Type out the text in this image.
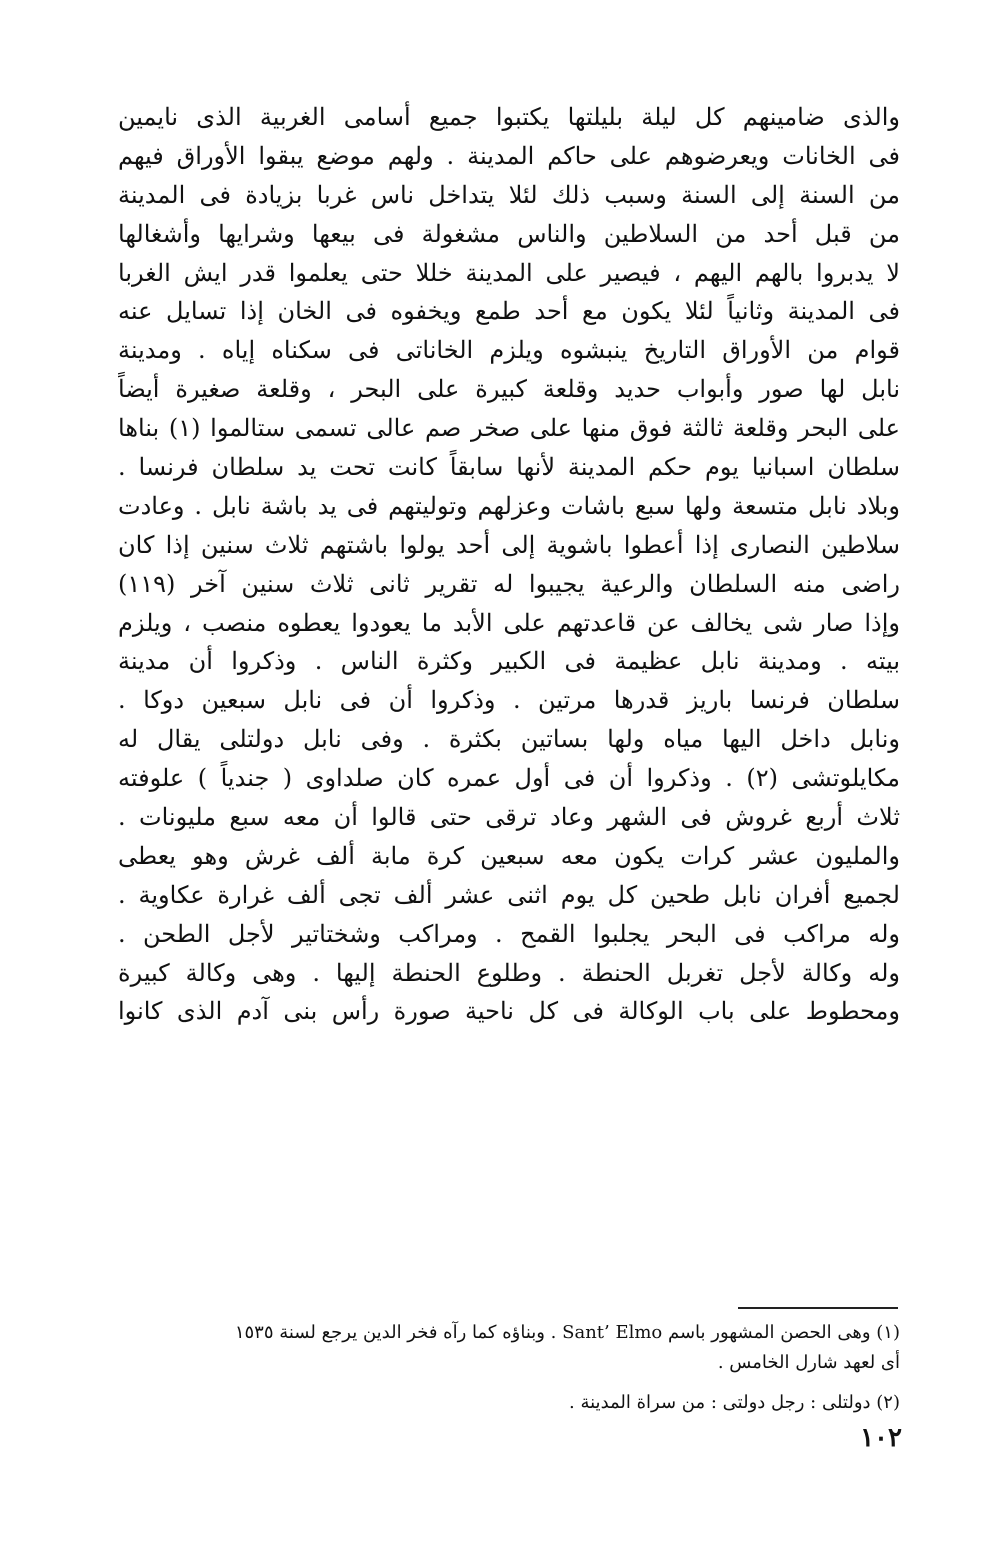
والذى ضامينهم كل ليلة بليلتها يكتبوا جميع أسامى الغربية الذى نايمين
فى الخانات ويعرضوهم على حاكم المدينة . ولهم موضع يبقوا الأوراق فيهم
من السنة إلى السنة وسبب ذلك لئلا يتداخل ناس غربا بزيادة فى المدينة
من قبل أحد من السلاطين والناس مشغولة فى بيعها وشرايها وأشغالها
لا يدبروا بالهم اليهم ، فيصير على المدينة خللا حتى يعلموا قدر ايش الغربا
فى المدينة وثانياً لئلا يكون مع أحد طمع ويخفوه فى الخان إذا تسايل عنه
قوام من الأوراق التاريخ ينبشوه ويلزم الخاناتى فى سكناه إياه . ومدينة
نابل لها صور وأبواب حديد وقلعة كبيرة على البحر ، وقلعة صغيرة أيضاً
على البحر وقلعة ثالثة فوق منها على صخر صم عالى تسمى ستالموا (١) بناها
سلطان اسبانيا يوم حكم المدينة لأنها سابقاً كانت تحت يد سلطان فرنسا .
وبلاد نابل متسعة ولها سبع باشات وعزلهم وتوليتهم فى يد باشة نابل . وعادت
سلاطين النصارى إذا أعطوا باشوية إلى أحد يولوا باشتهم ثلاث سنين إذا كان
راضى منه السلطان والرعية يجيبوا له تقرير ثانى ثلاث سنين آخر (١١٩)
وإذا صار شى يخالف عن قاعدتهم على الأبد ما يعودوا يعطوه منصب ، ويلزم
بيته . ومدينة نابل عظيمة فى الكبير وكثرة الناس . وذكروا أن مدينة
سلطان فرنسا باريز قدرها مرتين . وذكروا أن فى نابل سبعين دوكا .
ونابل داخل اليها مياه ولها بساتين بكثرة . وفى نابل دولتلى يقال له
مكايلوتشى (٢) . وذكروا أن فى أول عمره كان صلداوى ( جندياً ) علوفته
ثلاث أربع غروش فى الشهر وعاد ترقى حتى قالوا أن معه سبع مليونات .
والمليون عشر كرات يكون معه سبعين كرة مابة ألف غرش وهو يعطى
لجميع أفران نابل طحين كل يوم اثنى عشر ألف تجى ألف غرارة عكاوية .
وله مراكب فى البحر يجلبوا القمح . ومراكب وشختاتير لأجل الطحن .
وله وكالة لأجل تغربل الحنطة . وطلوع الحنطة إليها . وهى وكالة كبيرة
ومحطوط على باب الوكالة فى كل ناحية صورة رأس بنى آدم الذى كانوا
(١) وهى الحصن المشهور باسم Sant’ Elmo . وبناؤه كما رآه فخر الدين يرجع لسنة ١٥٣٥
أى لعهد شارل الخامس .
(٢) دولتلى : رجل دولتى : من سراة المدينة .
١٠٢
